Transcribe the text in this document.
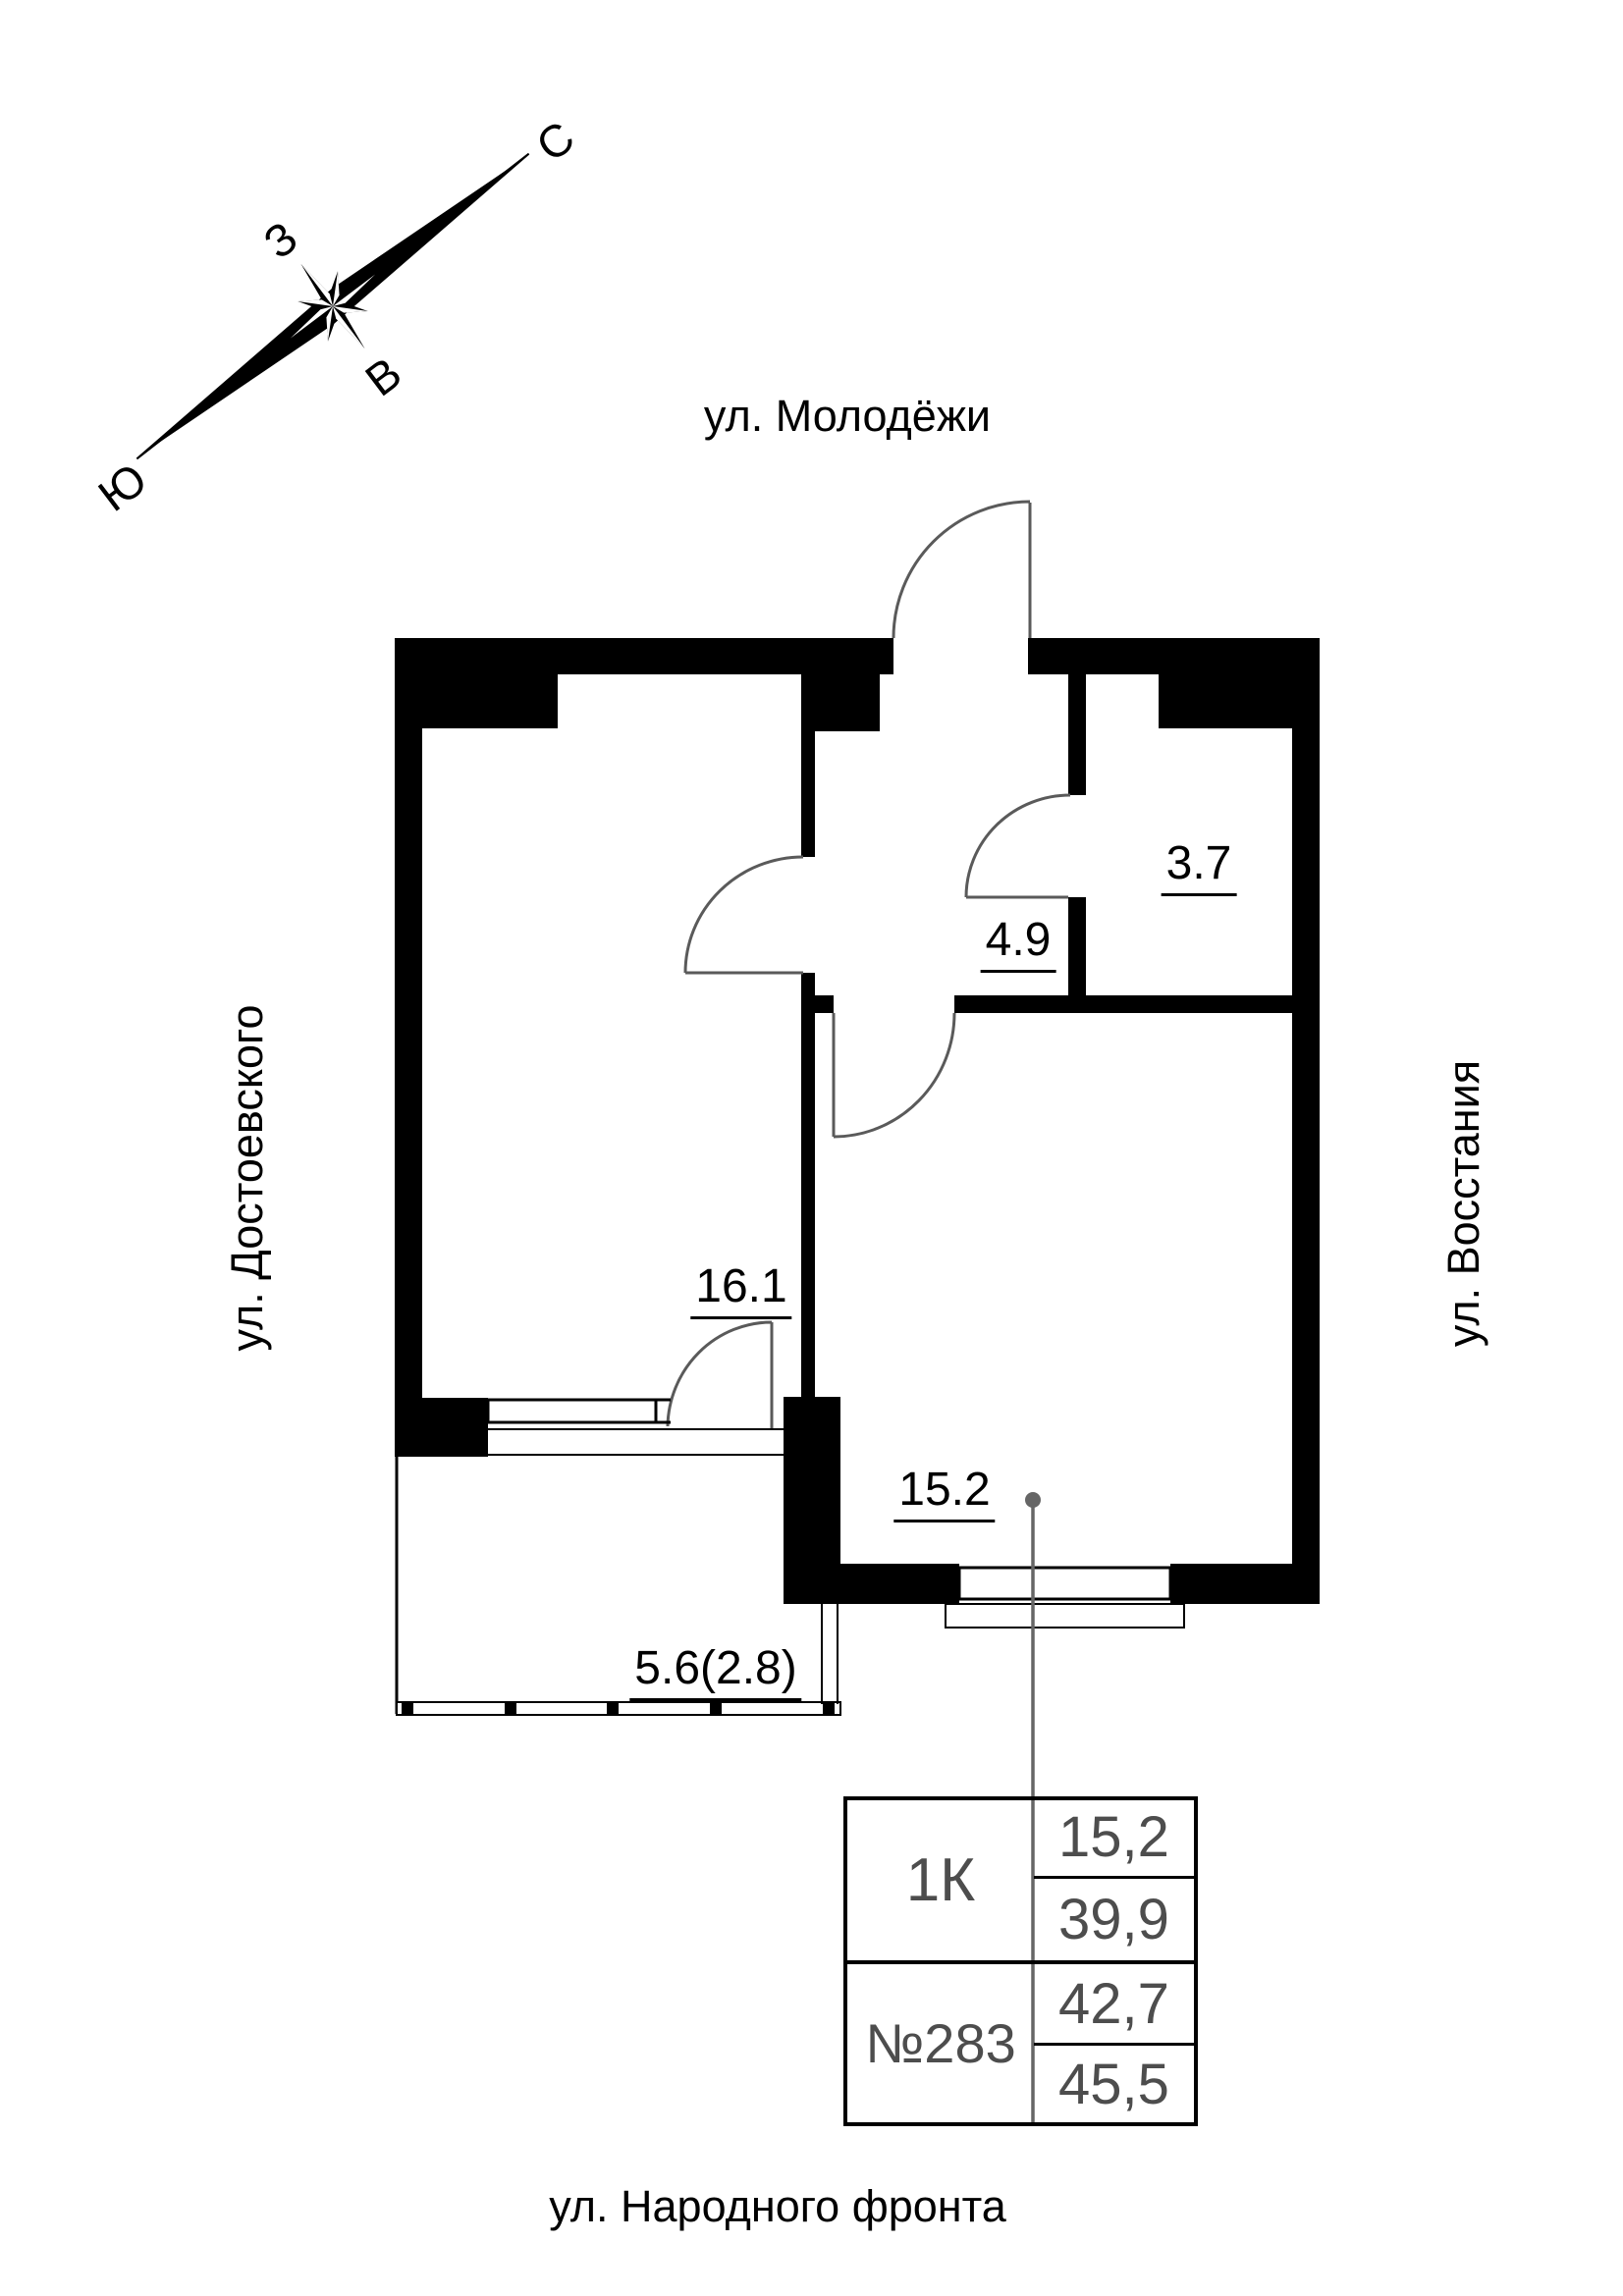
С
Ю
З
В
ул. Молодёжи
ул. Достоевского	ул. Восстания
ул. Народного фронта
3.7
4.9
16.1
15.2
5.6(2.8)
1К
№283
15,2
39,9
42,7
45,5
